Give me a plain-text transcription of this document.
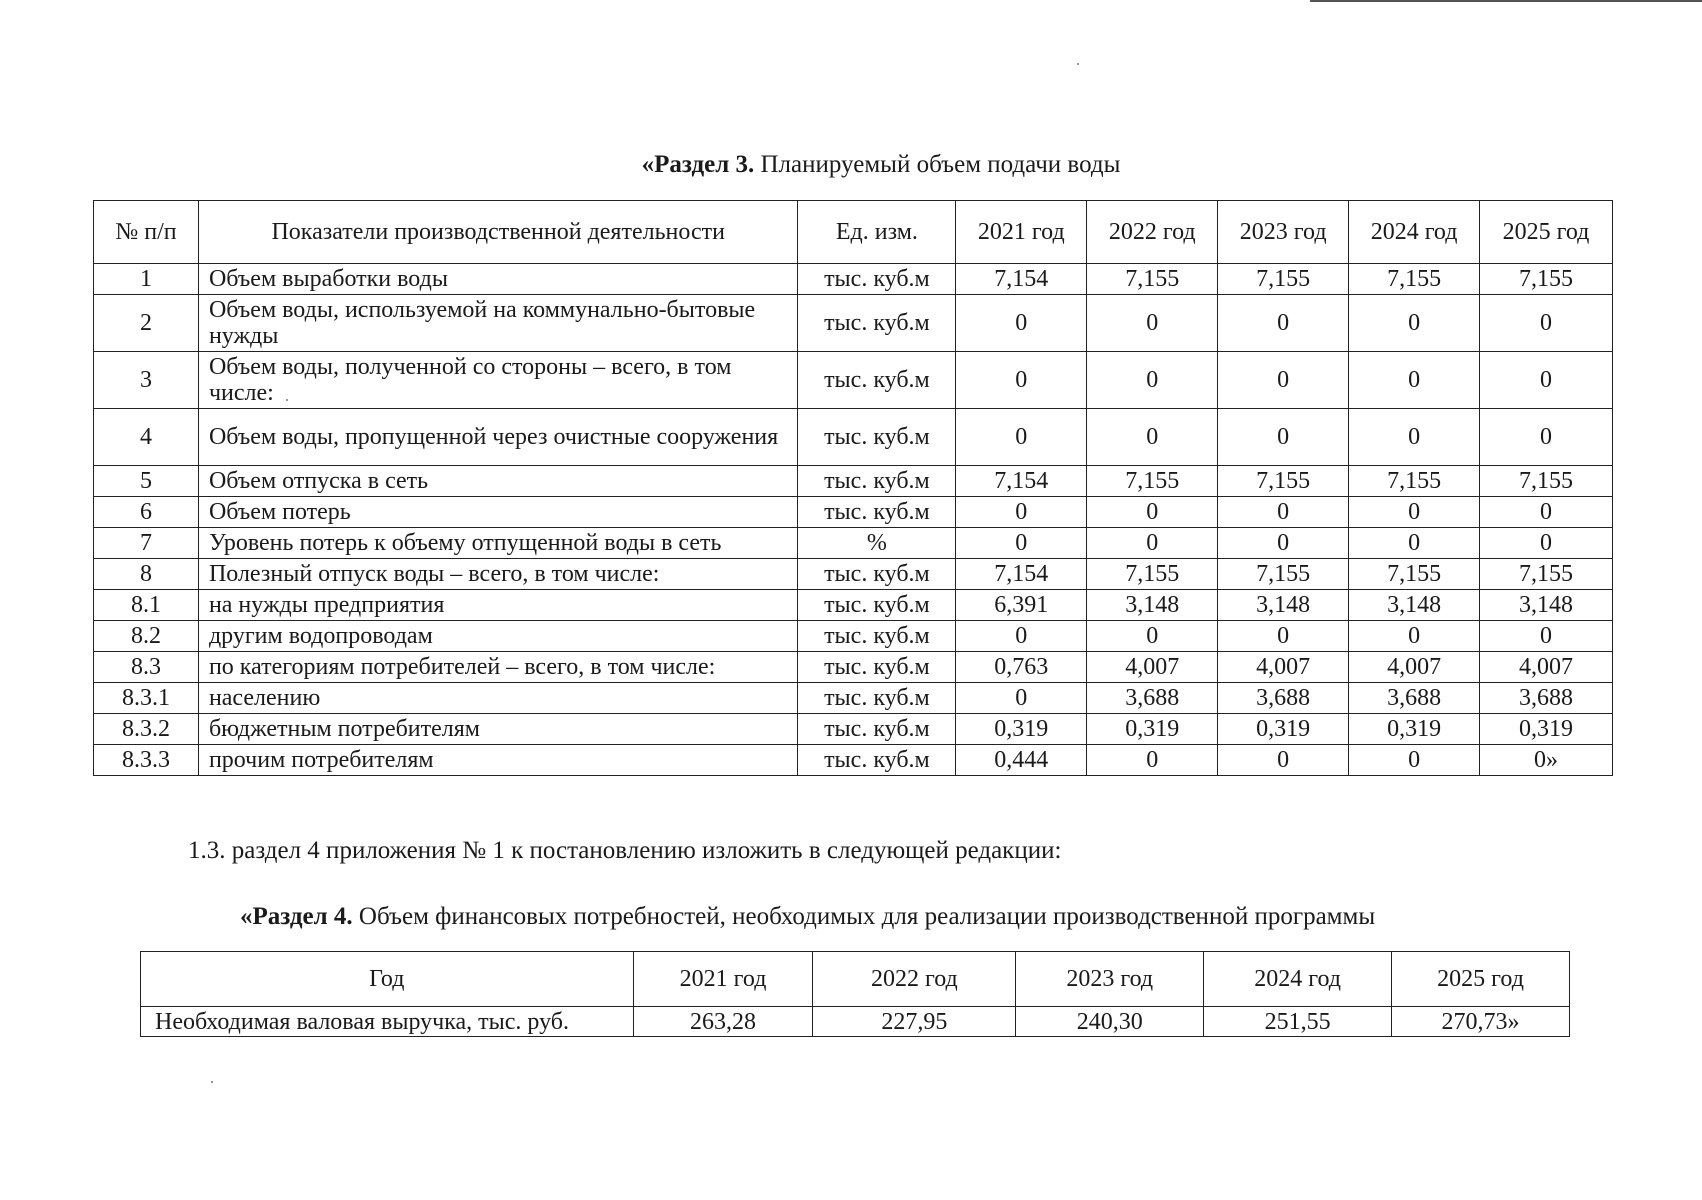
«Раздел 3. Планируемый объем подачи воды
№ п/п	Показатели производственной деятельности	Ед. изм.	2021 год	2022 год	2023 год	2024 год	2025 год
1	Объем выработки воды	тыс. куб.м	7,154	7,155	7,155	7,155	7,155
2	Объем воды, используемой на коммунально-бытовые нужды	тыс. куб.м	0	0	0	0	0
3	Объем воды, полученной со стороны – всего, в том числе:	тыс. куб.м	0	0	0	0	0
4	Объем воды, пропущенной через очистные сооружения	тыс. куб.м	0	0	0	0	0
5	Объем отпуска в сеть	тыс. куб.м	7,154	7,155	7,155	7,155	7,155
6	Объем потерь	тыс. куб.м	0	0	0	0	0
7	Уровень потерь к объему отпущенной воды в сеть	%	0	0	0	0	0
8	Полезный отпуск воды – всего, в том числе:	тыс. куб.м	7,154	7,155	7,155	7,155	7,155
8.1	на нужды предприятия	тыс. куб.м	6,391	3,148	3,148	3,148	3,148
8.2	другим водопроводам	тыс. куб.м	0	0	0	0	0
8.3	по категориям потребителей – всего, в том числе:	тыс. куб.м	0,763	4,007	4,007	4,007	4,007
8.3.1	населению	тыс. куб.м	0	3,688	3,688	3,688	3,688
8.3.2	бюджетным потребителям	тыс. куб.м	0,319	0,319	0,319	0,319	0,319
8.3.3	прочим потребителям	тыс. куб.м	0,444	0	0	0	0»
1.3. раздел 4 приложения № 1 к постановлению изложить в следующей редакции:
«Раздел 4. Объем финансовых потребностей, необходимых для реализации производственной программы
Год	2021 год	2022 год	2023 год	2024 год	2025 год
Необходимая валовая выручка, тыс. руб.	263,28	227,95	240,30	251,55	270,73»
